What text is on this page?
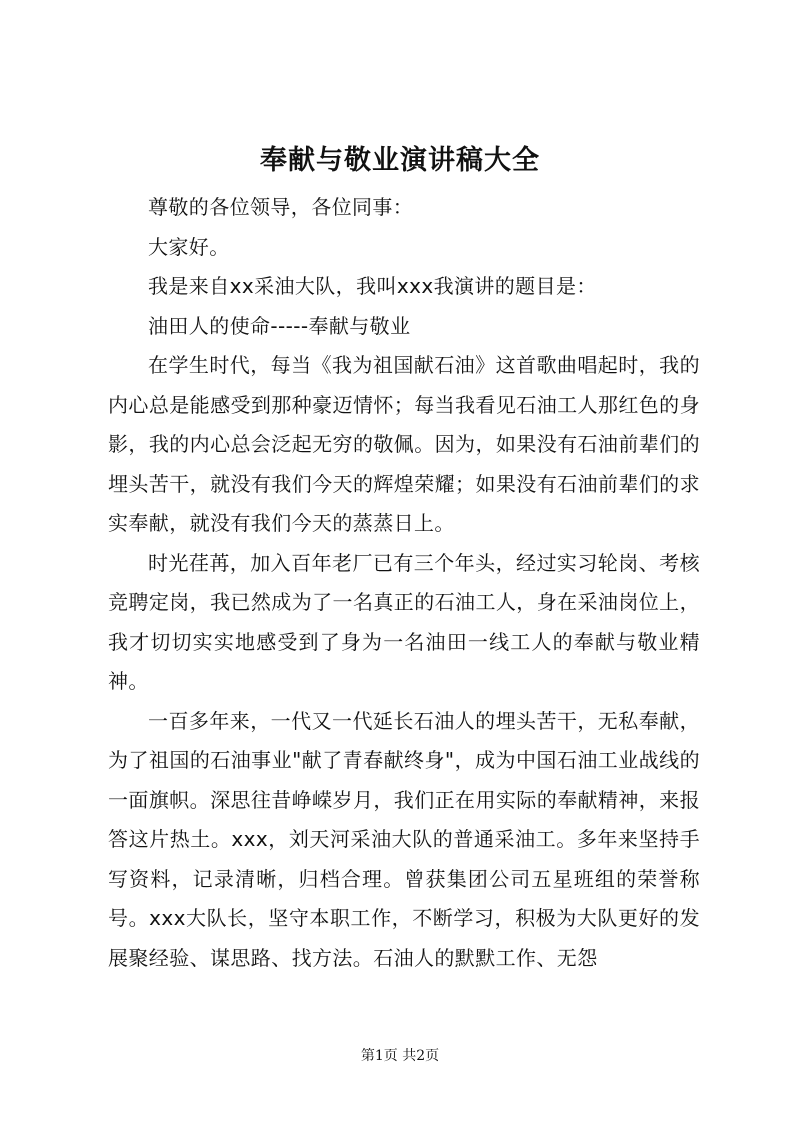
奉献与敬业演讲稿大全

尊敬的各位领导，各位同事：

大家好。

我是来自xx采油大队，我叫xxx我演讲的题目是：

油田人的使命-----奉献与敬业

在学生时代，每当《我为祖国献石油》这首歌曲唱起时，我的内心总是能感受到那种豪迈情怀；每当我看见石油工人那红色的身影，我的内心总会泛起无穷的敬佩。因为，如果没有石油前辈们的埋头苦干，就没有我们今天的辉煌荣耀；如果没有石油前辈们的求实奉献，就没有我们今天的蒸蒸日上。

时光荏苒，加入百年老厂已有三个年头，经过实习轮岗、考核竞聘定岗，我已然成为了一名真正的石油工人，身在采油岗位上，我才切切实实地感受到了身为一名油田一线工人的奉献与敬业精神。

一百多年来，一代又一代延长石油人的埋头苦干，无私奉献，为了祖国的石油事业"献了青春献终身"，成为中国石油工业战线的一面旗帜。深思往昔峥嵘岁月，我们正在用实际的奉献精神，来报答这片热土。xxx，刘天河采油大队的普通采油工。多年来坚持手写资料，记录清晰，归档合理。曾获集团公司五星班组的荣誉称号。xxx大队长，坚守本职工作，不断学习，积极为大队更好的发展聚经验、谋思路、找方法。石油人的默默工作、无怨

第1页 共2页
